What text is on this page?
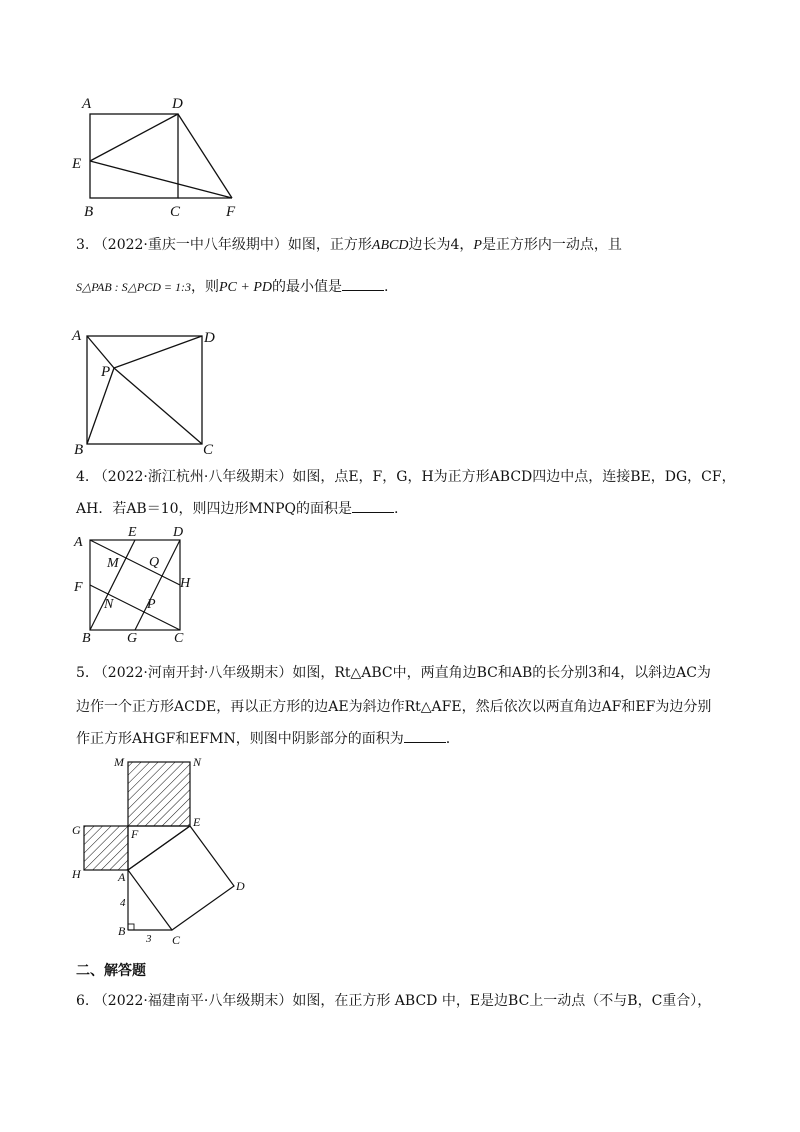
A	D
E
B	C	F
3. （2022·重庆一中八年级期中）如图，正方形ABCD边长为4，P是正方形内一动点，且
S△PAB : S△PCD = 1:3，则PC + PD的最小值是	.
A	D
P
B	C
4. （2022·浙江杭州·八年级期末）如图，点E，F，G，H为正方形ABCD四边中点，连接BE，DG，CF，
AH．若AB＝10，则四边形MNPQ的面积是	.
A
E	D
M Q
H
F
N P
B	G	C
5. （2022·河南开封·八年级期末）如图，Rt△ABC中，两直角边BC和AB的长分别3和4，以斜边AC为
边作一个正方形ACDE，再以正方形的边AE为斜边作Rt△AFE，然后依次以两直角边AF和EF为边分别
作正方形AHGF和EFMN，则图中阴影部分的面积为	.
M	N
G	F
E
H	A
D
B
C
4
3
二、解答题
6. （2022·福建南平·八年级期末）如图，在正方形 ABCD 中，E是边BC上一动点（不与B，C重合），
